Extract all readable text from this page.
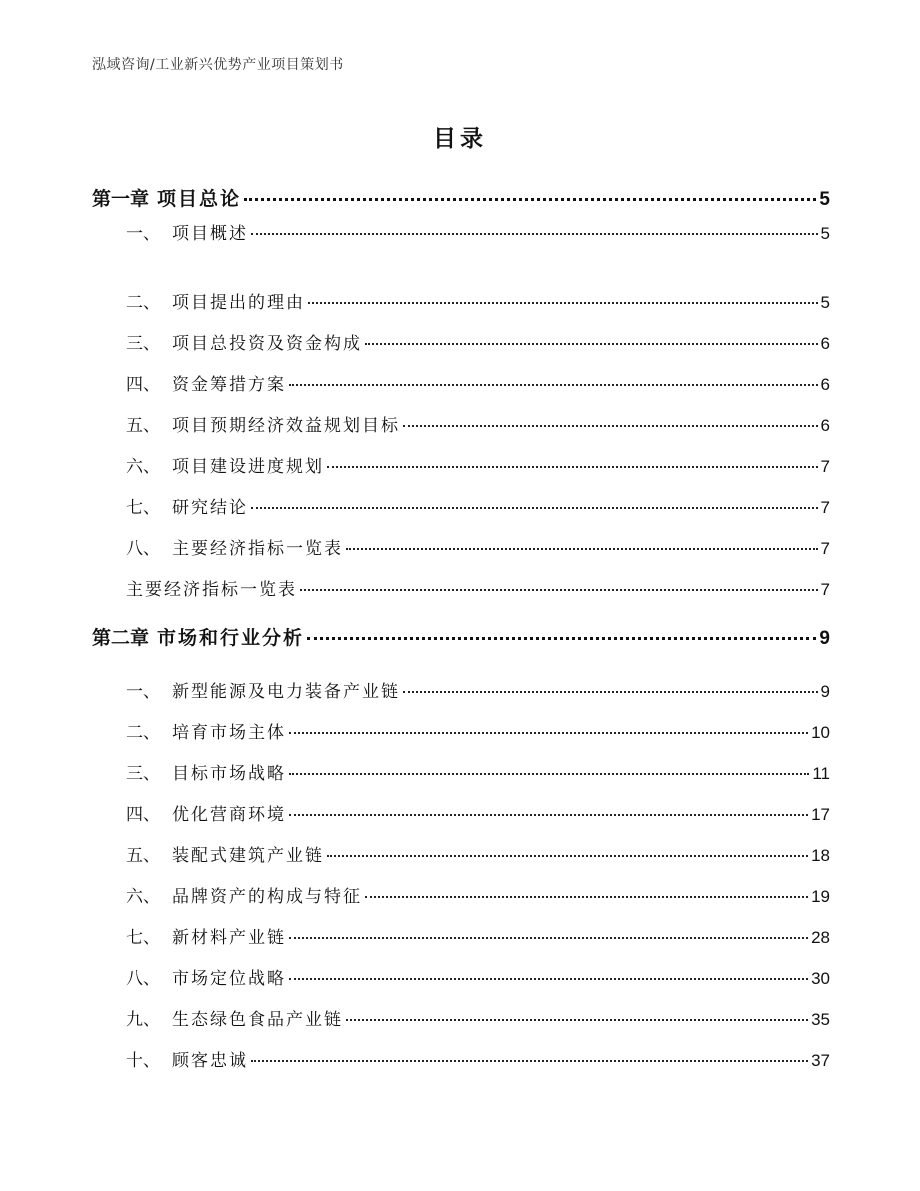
泓域咨询/工业新兴优势产业项目策划书
目录
第一章 项目总论	5
一、 项目概述	5
二、 项目提出的理由	5
三、 项目总投资及资金构成	6
四、 资金筹措方案	6
五、 项目预期经济效益规划目标	6
六、 项目建设进度规划	7
七、 研究结论	7
八、 主要经济指标一览表	7
主要经济指标一览表	7
第二章 市场和行业分析	9
一、 新型能源及电力装备产业链	9
二、 培育市场主体	10
三、 目标市场战略	11
四、 优化营商环境	17
五、 装配式建筑产业链	18
六、 品牌资产的构成与特征	19
七、 新材料产业链	28
八、 市场定位战略	30
九、 生态绿色食品产业链	35
十、 顾客忠诚	37
